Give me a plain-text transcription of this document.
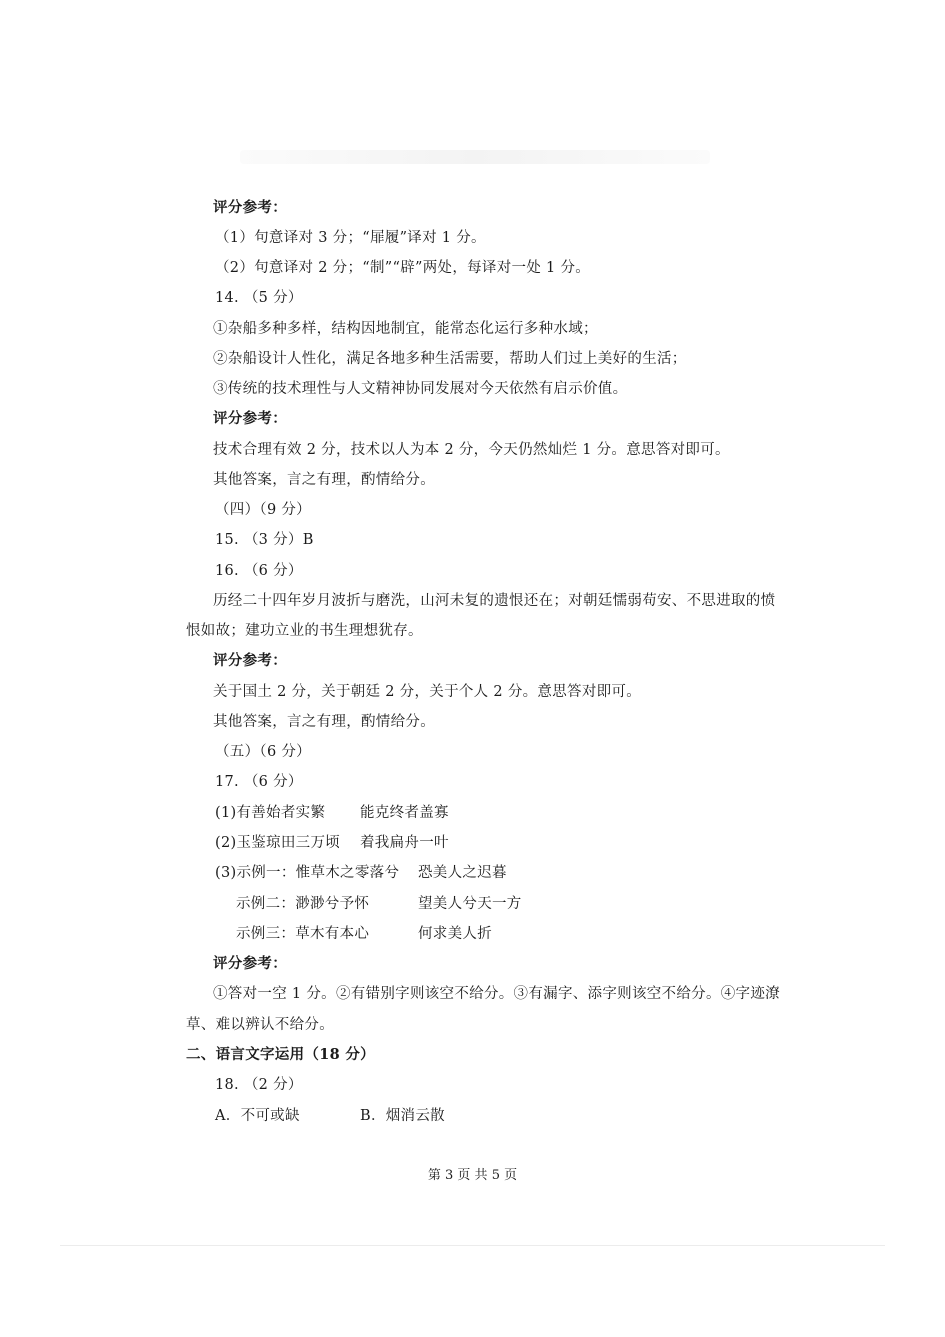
评分参考：
（1）句意译对 3 分；“屝履”译对 1 分。
（2）句意译对 2 分；“制”“辟”两处，每译对一处 1 分。
14. （5 分）
①杂船多种多样，结构因地制宜，能常态化运行多种水域；
②杂船设计人性化，满足各地多种生活需要，帮助人们过上美好的生活；
③传统的技术理性与人文精神协同发展对今天依然有启示价值。
评分参考：
技术合理有效 2 分，技术以人为本 2 分，今天仍然灿烂 1 分。意思答对即可。
其他答案，言之有理，酌情给分。
（四）（9 分）
15. （3 分）B
16. （6 分）
历经二十四年岁月波折与磨洗，山河未复的遗恨还在；对朝廷懦弱苟安、不思进取的愤
恨如故；建功立业的书生理想犹存。
评分参考：
关于国土 2 分，关于朝廷 2 分，关于个人 2 分。意思答对即可。
其他答案，言之有理，酌情给分。
（五）（6 分）
17. （6 分）
(1)有善始者实繁 能克终者盖寡
(2)玉鉴琼田三万顷 着我扁舟一叶
(3)示例一：惟草木之零落兮 恐美人之迟暮
示例二：渺渺兮予怀	望美人兮天一方
示例三：草木有本心	何求美人折
评分参考：
①答对一空 1 分。②有错别字则该空不给分。③有漏字、添字则该空不给分。④字迹潦
草、难以辨认不给分。
二、语言文字运用（18 分）
18. （2 分）
A．不可或缺	B．烟消云散
第 3 页 共 5 页
